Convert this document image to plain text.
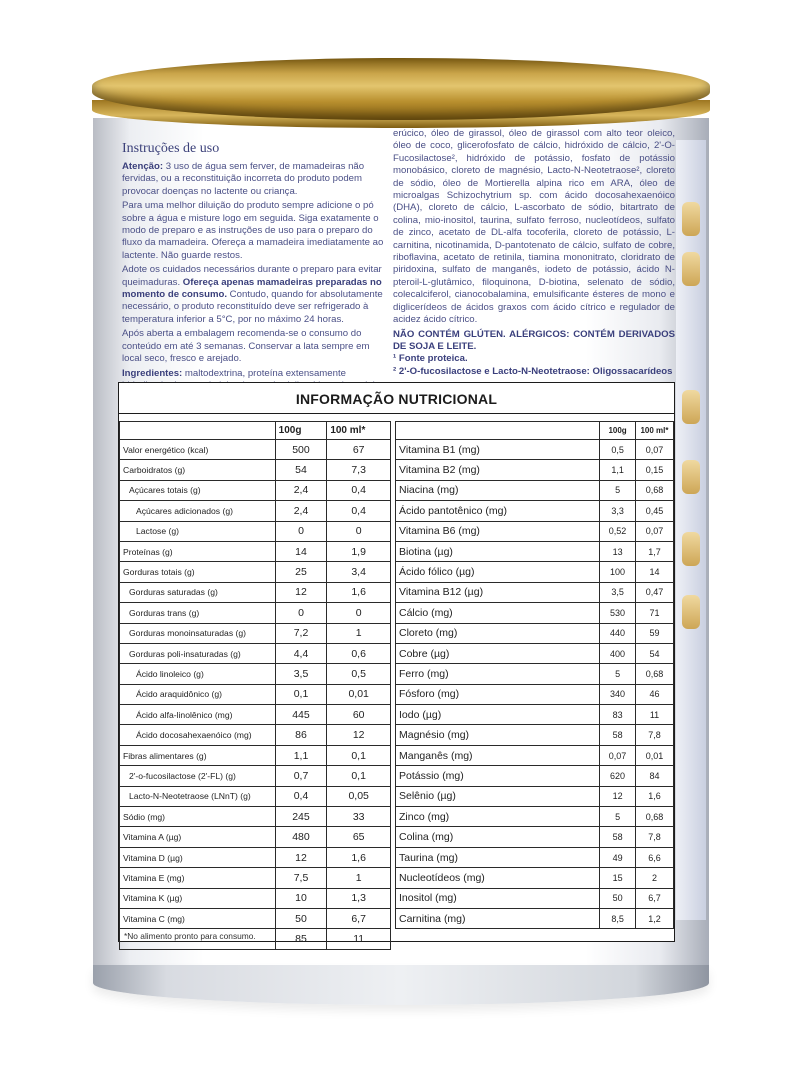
Instruções de uso

Atenção: 3 uso de água sem ferver, de mamadeiras não fervidas, ou a reconstituição incorreta do produto podem provocar doenças no lactente ou criança.

Para uma melhor diluição do produto sempre adicione o pó sobre a água e misture logo em seguida. Siga exatamente o modo de preparo e as instruções de uso para o preparo do fluxo da mamadeira. Ofereça a mamadeira imediatamente ao lactente. Não guarde restos.

Adote os cuidados necessários durante o preparo para evitar queimaduras. Ofereça apenas mamadeiras preparadas no momento de consumo. Contudo, quando for absolutamente necessário, o produto reconstituído deve ser refrigerado à temperatura inferior a 5°C, por no máximo 24 horas.

Após aberta a embalagem recomenda-se o consumo do conteúdo em até 3 semanas. Conservar a lata sempre em local seco, fresco e arejado.

Ingredientes: maltodextrina, proteína extensamente

erúcico, óleo de girassol, óleo de girassol com alto teor oleico, óleo de coco, glicerofosfato de cálcio, hidróxido de cálcio, 2'-O-Fucosilactose², hidróxido de potássio, fosfato de potássio monobásico, cloreto de magnésio, Lacto-N-Neotetraose², cloreto de sódio, óleo de Mortierella alpina rico em ARA, óleo de microalgas Schizochytrium sp. com ácido docosahexaenóico (DHA), cloreto de cálcio, L-ascorbato de sódio, bitartrato de colina, mio-inositol, taurina, sulfato ferroso, nucleotídeos, sulfato de zinco, acetato de DL-alfa tocoferila, cloreto de potássio, L-carnitina, nicotinamida, D-pantotenato de cálcio, sulfato de cobre, riboflavina, acetato de retinila, tiamina mononitrato, cloridrato de piridoxina, sulfato de manganês, iodeto de potássio, ácido N-pteroil-L-glutâmico, filoquinona, D-biotina, selenato de sódio, colecalciferol, cianocobalamina, emulsificante ésteres de mono e diglicerídeos de ácidos graxos com ácido cítrico e regulador de acidez ácido cítrico.
NÃO CONTÉM GLÚTEN. ALÉRGICOS: CONTÉM DERIVADOS DE SOJA E LEITE.
¹ Fonte proteica.
² 2'-O-fucosilactose e Lacto-N-Neotetraose: Oligossacarídeos
INFORMAÇÃO NUTRICIONAL
	100g	100 ml*
Valor energético (kcal)	500	67
Carboidratos (g)	54	7,3
Açúcares totais (g)	2,4	0,4
Açúcares adicionados (g)	2,4	0,4
Lactose (g)	0	0
Proteínas (g)	14	1,9
Gorduras totais (g)	25	3,4
Gorduras saturadas (g)	12	1,6
Gorduras trans (g)	0	0
Gorduras monoinsaturadas (g)	7,2	1
Gorduras poli-insaturadas (g)	4,4	0,6
Ácido linoleico (g)	3,5	0,5
Ácido araquidônico (g)	0,1	0,01
Ácido alfa-linolênico (mg)	445	60
Ácido docosahexaenóico (mg)	86	12
Fibras alimentares (g)	1,1	0,1
2'-o-fucosilactose (2'-FL) (g)	0,7	0,1
Lacto-N-Neotetraose (LNnT) (g)	0,4	0,05
Sódio (mg)	245	33
Vitamina A (µg)	480	65
Vitamina D (µg)	12	1,6
Vitamina E (mg)	7,5	1
Vitamina K (µg)	10	1,3
Vitamina C (mg)	50	6,7
	85	11
	100g	100 ml*
Vitamina B1 (mg)	0,5	0,07
Vitamina B2 (mg)	1,1	0,15
Niacina (mg)	5	0,68
Ácido pantotênico (mg)	3,3	0,45
Vitamina B6 (mg)	0,52	0,07
Biotina (µg)	13	1,7
Ácido fólico (µg)	100	14
Vitamina B12 (µg)	3,5	0,47
Cálcio (mg)	530	71
Cloreto (mg)	440	59
Cobre (µg)	400	54
Ferro (mg)	5	0,68
Fósforo (mg)	340	46
Iodo (µg)	83	11
Magnésio (mg)	58	7,8
Manganês (mg)	0,07	0,01
Potássio (mg)	620	84
Selênio (µg)	12	1,6
Zinco (mg)	5	0,68
Colina (mg)	58	7,8
Taurina (mg)	49	6,6
Nucleotídeos (mg)	15	2
Inositol (mg)	50	6,7
Carnitina (mg)	8,5	1,2
*No alimento pronto para consumo.
